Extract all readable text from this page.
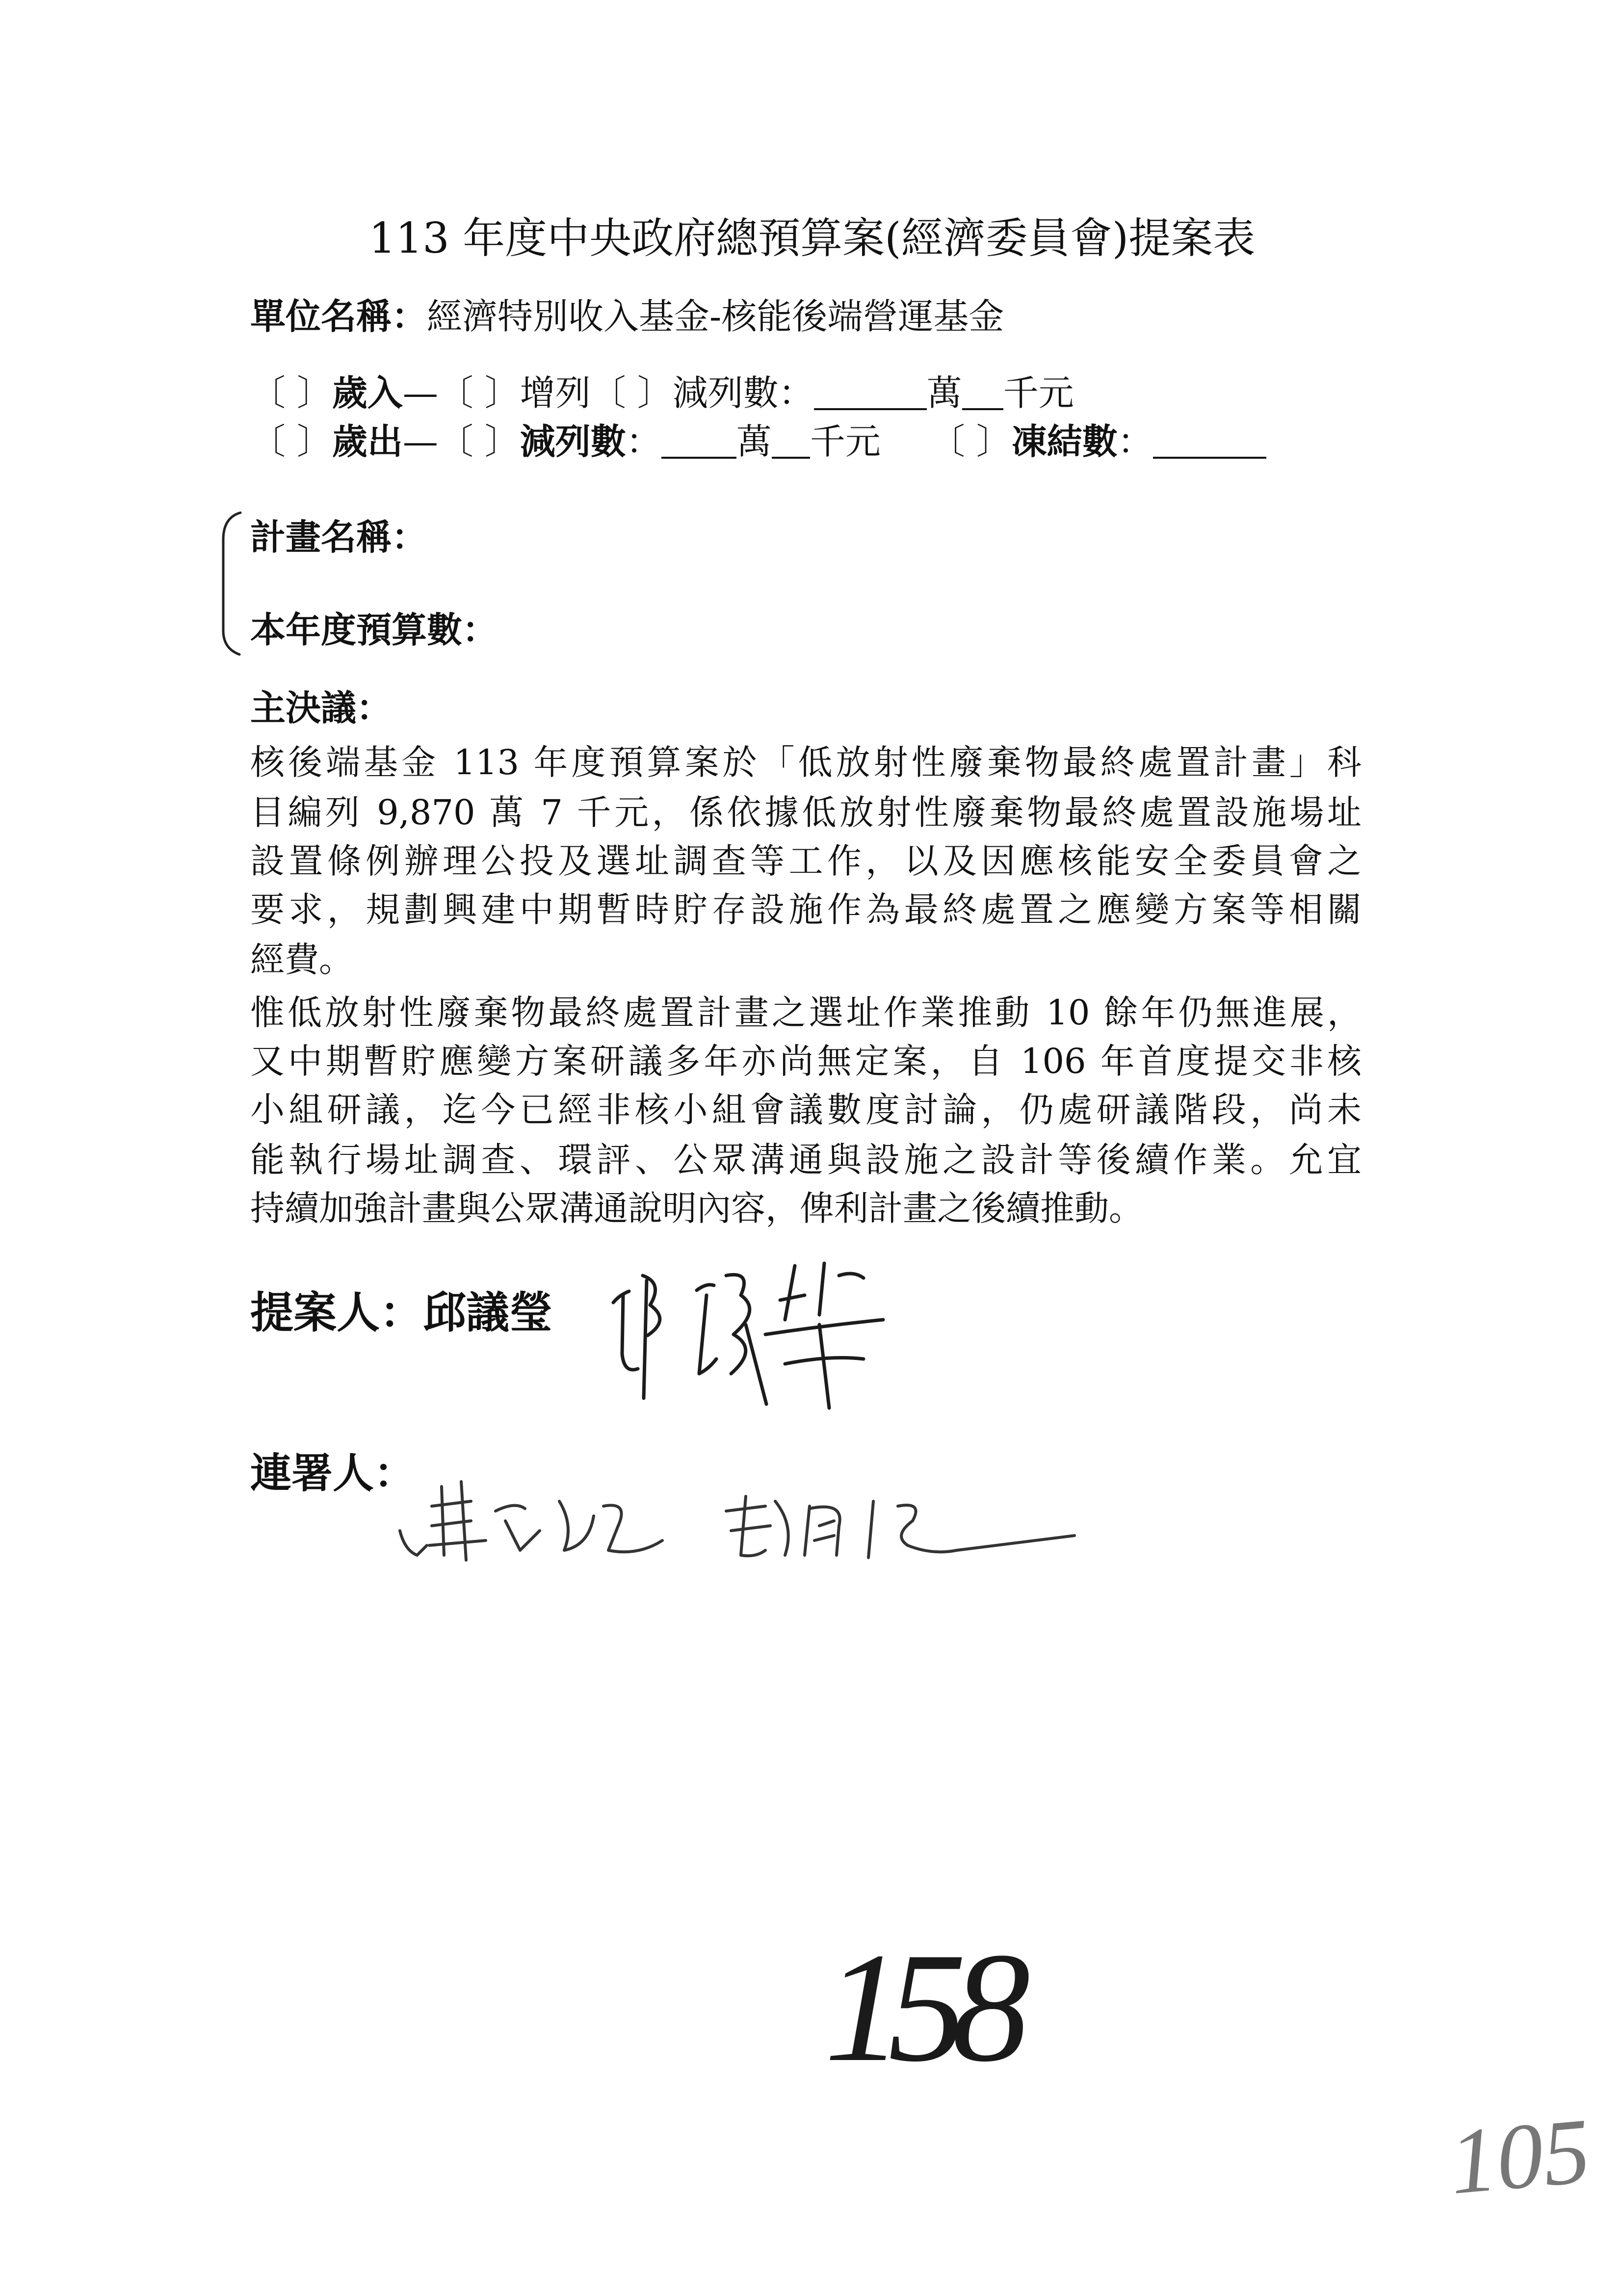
113 年度中央政府總預算案(經濟委員會)提案表
單位名稱：經濟特別收入基金-核能後端營運基金
〔 〕歲入—〔 〕增列〔 〕減列數：	萬 千元
〔 〕歲出—〔 〕減列數： 萬 千元 〔 〕凍結數：
計畫名稱：
本年度預算數：
主決議：
核後端基金 113 年度預算案於「低放射性廢棄物最終處置計畫」科
目編列 9,870 萬 7 千元，係依據低放射性廢棄物最終處置設施場址
設置條例辦理公投及選址調查等工作，以及因應核能安全委員會之
要求，規劃興建中期暫時貯存設施作為最終處置之應變方案等相關
經費。
惟低放射性廢棄物最終處置計畫之選址作業推動 10 餘年仍無進展，
又中期暫貯應變方案研議多年亦尚無定案，自 106 年首度提交非核
小組研議，迄今已經非核小組會議數度討論，仍處研議階段，尚未
能執行場址調查、環評、公眾溝通與設施之設計等後續作業。允宜
持續加強計畫與公眾溝通說明內容，俾利計畫之後續推動。
提案人：邱議瑩
連署人：
158
105
